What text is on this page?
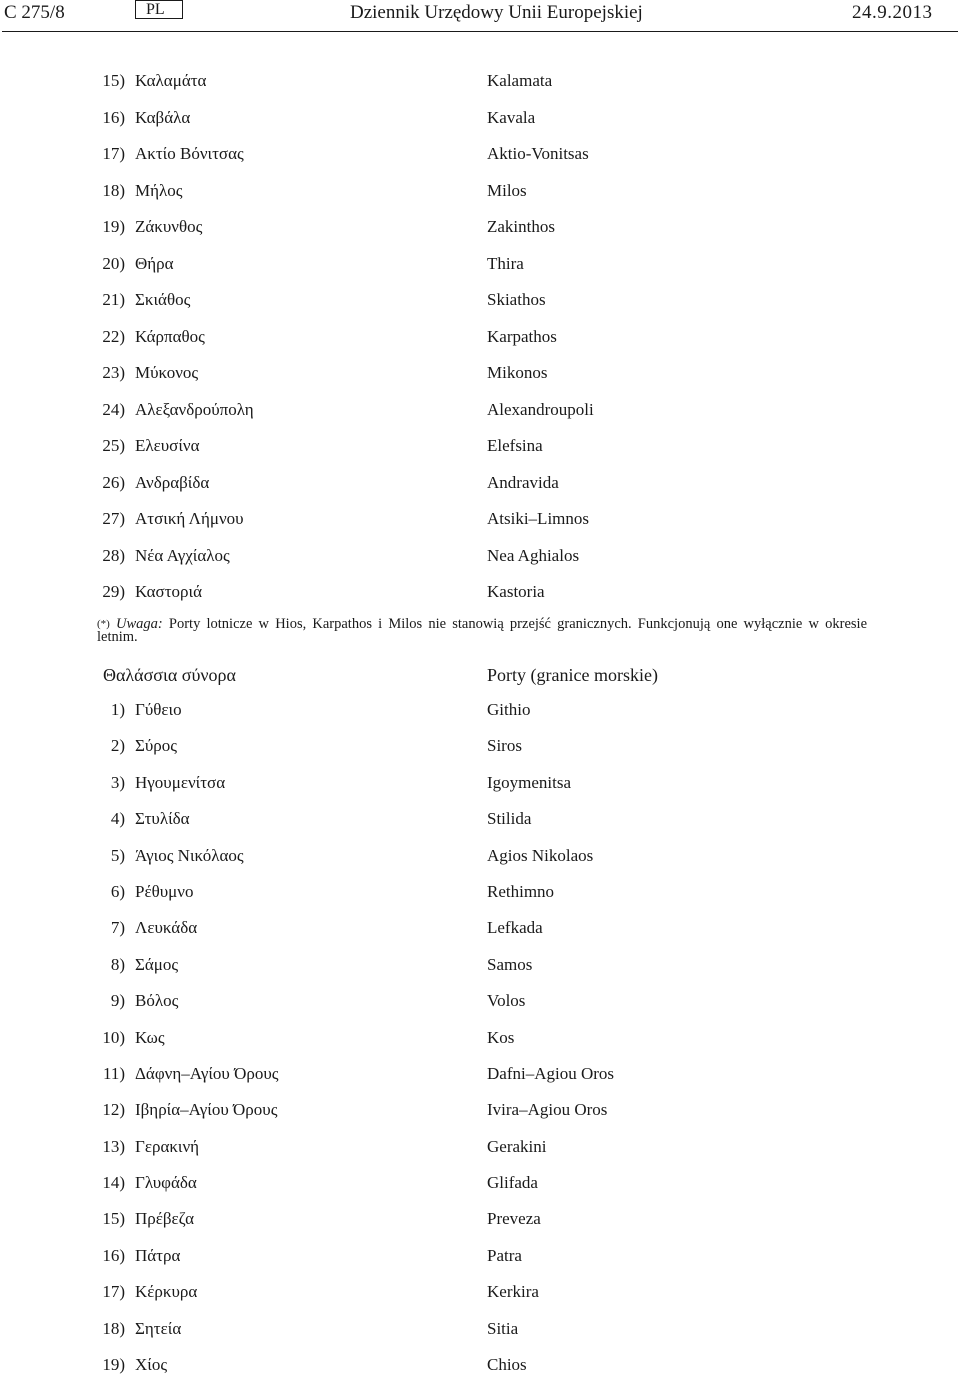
C 275/8	PL	Dziennik Urzędowy Unii Europejskiej	24.9.2013
15) Καλαμάτα	Kalamata
16) Καβάλα	Kavala
17) Ακτίο Βόνιτσας	Aktio-Vonitsas
18) Μήλος	Milos
19) Ζάκυνθος	Zakinthos
20) Θήρα	Thira
21) Σκιάθος	Skiathos
22) Κάρπαθος	Karpathos
23) Μύκονος	Mikonos
24) Αλεξανδρούπολη	Alexandroupoli
25) Ελευσίνα	Elefsina
26) Ανδραβίδα	Andravida
27) Ατσική Λήμνου	Atsiki–Limnos
28) Νέα Αγχίαλος	Nea Aghialos
29) Καστοριά	Kastoria
(*) Uwaga: Porty lotnicze w Hios, Karpathos i Milos nie stanowią przejść granicznych. Funkcjonują one wyłącznie w okresie letnim.
Θαλάσσια σύνορα	Porty (granice morskie)
1) Γύθειο	Githio
2) Σύρος	Siros
3) Ηγουμενίτσα	Igoymenitsa
4) Στυλίδα	Stilida
5) Άγιος Νικόλαος	Agios Nikolaos
6) Ρέθυμνο	Rethimno
7) Λευκάδα	Lefkada
8) Σάμος	Samos
9) Βόλος	Volos
10) Κως	Kos
11) Δάφνη–Αγίου Όρους	Dafni–Agiou Oros
12) Ιβηρία–Αγίου Όρους	Ivira–Agiou Oros
13) Γερακινή	Gerakini
14) Γλυφάδα	Glifada
15) Πρέβεζα	Preveza
16) Πάτρα	Patra
17) Κέρκυρα	Kerkira
18) Σητεία	Sitia
19) Χίος	Chios
